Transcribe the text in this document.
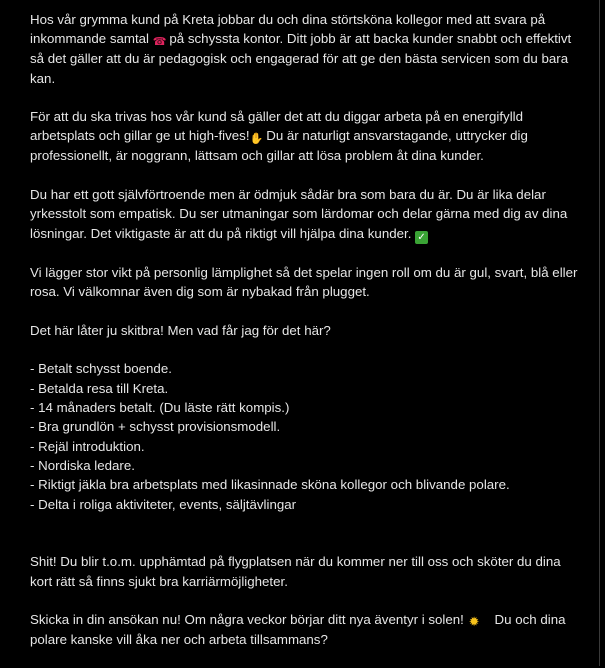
Hos vår grymma kund på Kreta jobbar du och dina störtsköna kollegor med att svara på inkommande samtal ☎ på schyssta kontor. Ditt jobb är att backa kunder snabbt och effektivt så det gäller att du är pedagogisk och engagerad för att ge den bästa servicen som du bara kan.

För att du ska trivas hos vår kund så gäller det att du diggar arbeta på en energifylld arbetsplats och gillar ge ut high-fives!✋ Du är naturligt ansvarstagande, uttrycker dig professionellt, är noggrann, lättsam och gillar att lösa problem åt dina kunder.

Du har ett gott självförtroende men är ödmjuk sådär bra som bara du är. Du är lika delar yrkesstolt som empatisk. Du ser utmaningar som lärdomar och delar gärna med dig av dina lösningar. Det viktigaste är att du på riktigt vill hjälpa dina kunder. ✓

Vi lägger stor vikt på personlig lämplighet så det spelar ingen roll om du är gul, svart, blå eller rosa. Vi välkomnar även dig som är nybakad från plugget.

Det här låter ju skitbra! Men vad får jag för det här?

- Betalt schysst boende.
- Betalda resa till Kreta.
- 14 månaders betalt. (Du läste rätt kompis.)
- Bra grundlön + schysst provisionsmodell.
- Rejäl introduktion.
- Nordiska ledare.
- Riktigt jäkla bra arbetsplats med likasinnade sköna kollegor och blivande polare.
- Delta i roliga aktiviteter, events, säljtävlingar

Shit! Du blir t.o.m. upphämtad på flygplatsen när du kommer ner till oss och sköter du dina kort rätt så finns sjukt bra karriärmöjligheter.

Skicka in din ansökan nu! Om några veckor börjar ditt nya äventyr i solen! ✹ Du och dina polare kanske vill åka ner och arbeta tillsammans?
